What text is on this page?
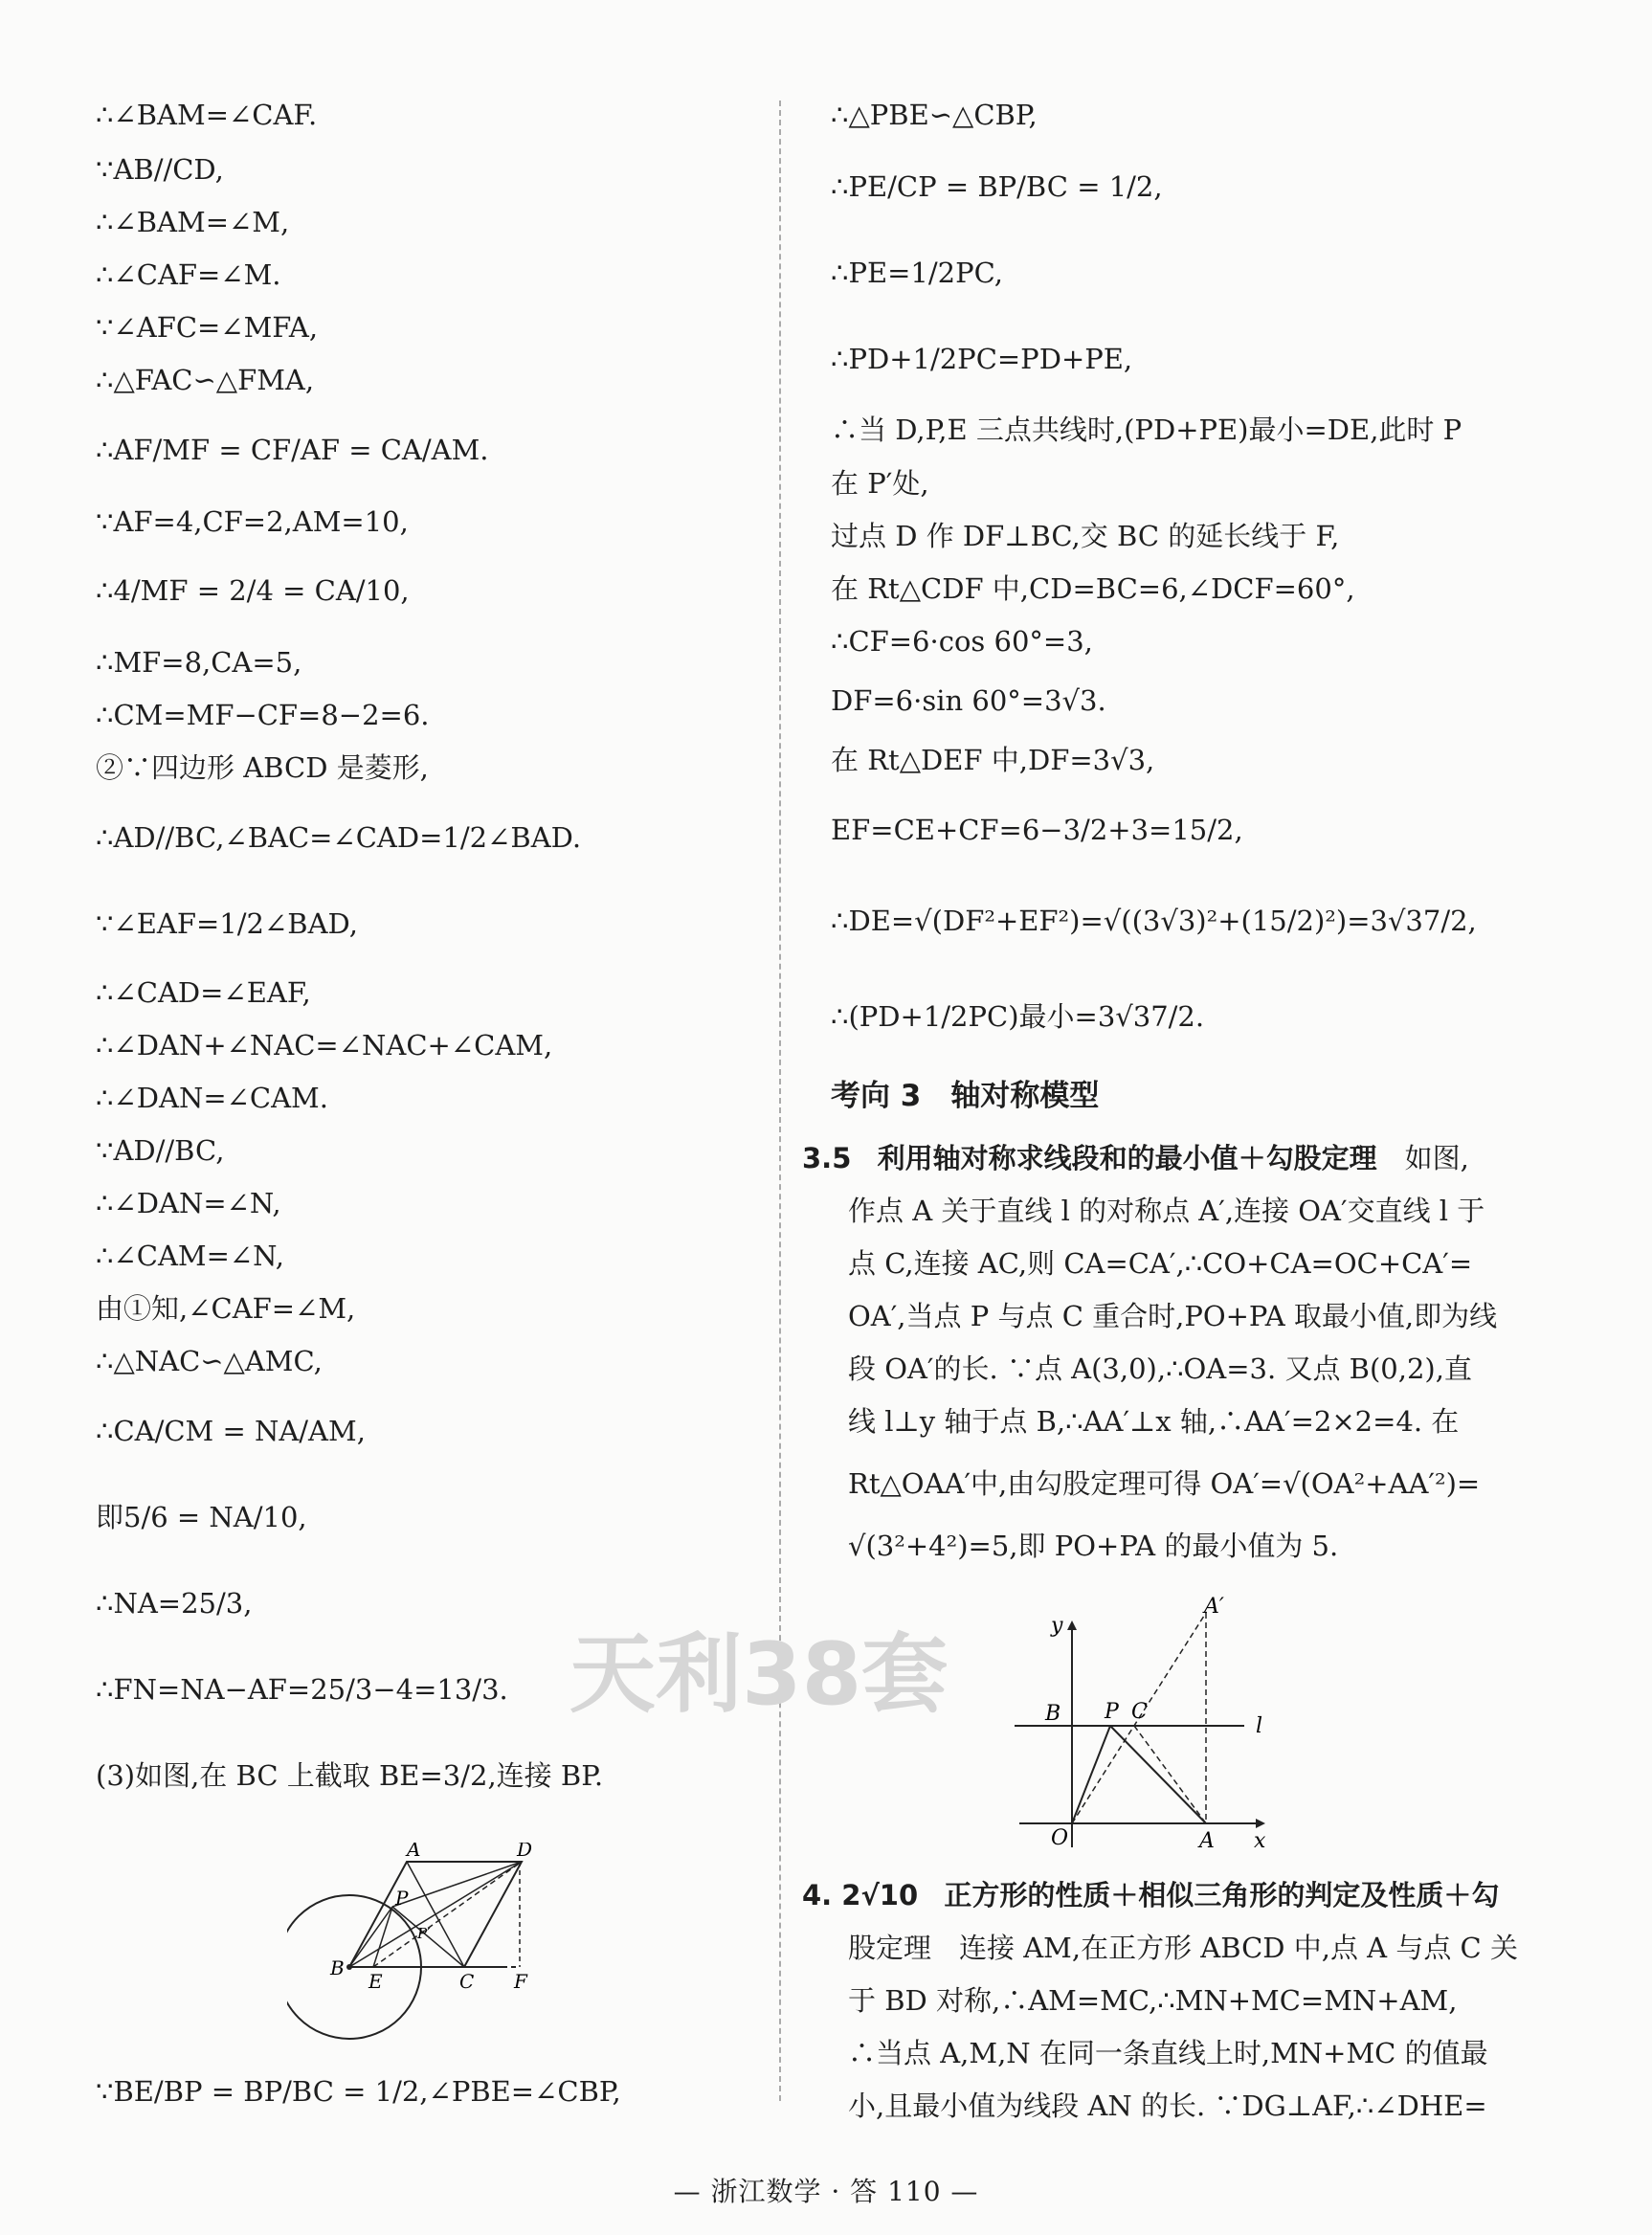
∴∠BAM=∠CAF.
∵AB//CD,
∴∠BAM=∠M,
∴∠CAF=∠M.
∵∠AFC=∠MFA,
∴△FAC∽△FMA,
∴AF/MF = CF/AF = CA/AM.
∵AF=4,CF=2,AM=10,
∴4/MF = 2/4 = CA/10,
∴MF=8,CA=5,
∴CM=MF−CF=8−2=6.
②∵四边形 ABCD 是菱形,
∴AD//BC,∠BAC=∠CAD=1/2∠BAD.
∵∠EAF=1/2∠BAD,
∴∠CAD=∠EAF,
∴∠DAN+∠NAC=∠NAC+∠CAM,
∴∠DAN=∠CAM.
∵AD//BC,
∴∠DAN=∠N,
∴∠CAM=∠N,
由①知,∠CAF=∠M,
∴△NAC∽△AMC,
∴CA/CM = NA/AM,
即5/6 = NA/10,
∴NA=25/3,
∴FN=NA−AF=25/3−4=13/3.
(3)如图,在 BC 上截取 BE=3/2,连接 BP.
∵BE/BP = BP/BC = 1/2,∠PBE=∠CBP,
∴△PBE∽△CBP,
∴PE/CP = BP/BC = 1/2,
∴PE=1/2PC,
∴PD+1/2PC=PD+PE,
∴当 D,P,E 三点共线时,(PD+PE)最小=DE,此时 P
在 P′处,
过点 D 作 DF⊥BC,交 BC 的延长线于 F,
在 Rt△CDF 中,CD=BC=6,∠DCF=60°,
∴CF=6·cos 60°=3,
DF=6·sin 60°=3√3.
在 Rt△DEF 中,DF=3√3,
EF=CE+CF=6−3/2+3=15/2,
∴DE=√(DF²+EF²)=√((3√3)²+(15/2)²)=3√37/2,
∴(PD+1/2PC)最小=3√37/2.
作点 A 关于直线 l 的对称点 A′,连接 OA′交直线 l 于
点 C,连接 AC,则 CA=CA′,∴CO+CA=OC+CA′=
OA′,当点 P 与点 C 重合时,PO+PA 取最小值,即为线
段 OA′的长. ∵点 A(3,0),∴OA=3. 又点 B(0,2),直
线 l⊥y 轴于点 B,∴AA′⊥x 轴,∴AA′=2×2=4. 在
Rt△OAA′中,由勾股定理可得 OA′=√(OA²+AA′²)=
√(3²+4²)=5,即 PO+PA 的最小值为 5.
股定理　连接 AM,在正方形 ABCD 中,点 A 与点 C 关
于 BD 对称,∴AM=MC,∴MN+MC=MN+AM,
∴当点 A,M,N 在同一条直线上时,MN+MC 的值最
小,且最小值为线段 AN 的长. ∵DG⊥AF,∴∠DHE=
考向 3　轴对称模型
3.5 利用轴对称求线段和的最小值＋勾股定理　如图,
4. 2√10 正方形的性质＋相似三角形的判定及性质＋勾
A	D
P
P′
B
E	C F
y
x
O	A
B P C
l
A′
天利38套
— 浙江数学 · 答 110 —
